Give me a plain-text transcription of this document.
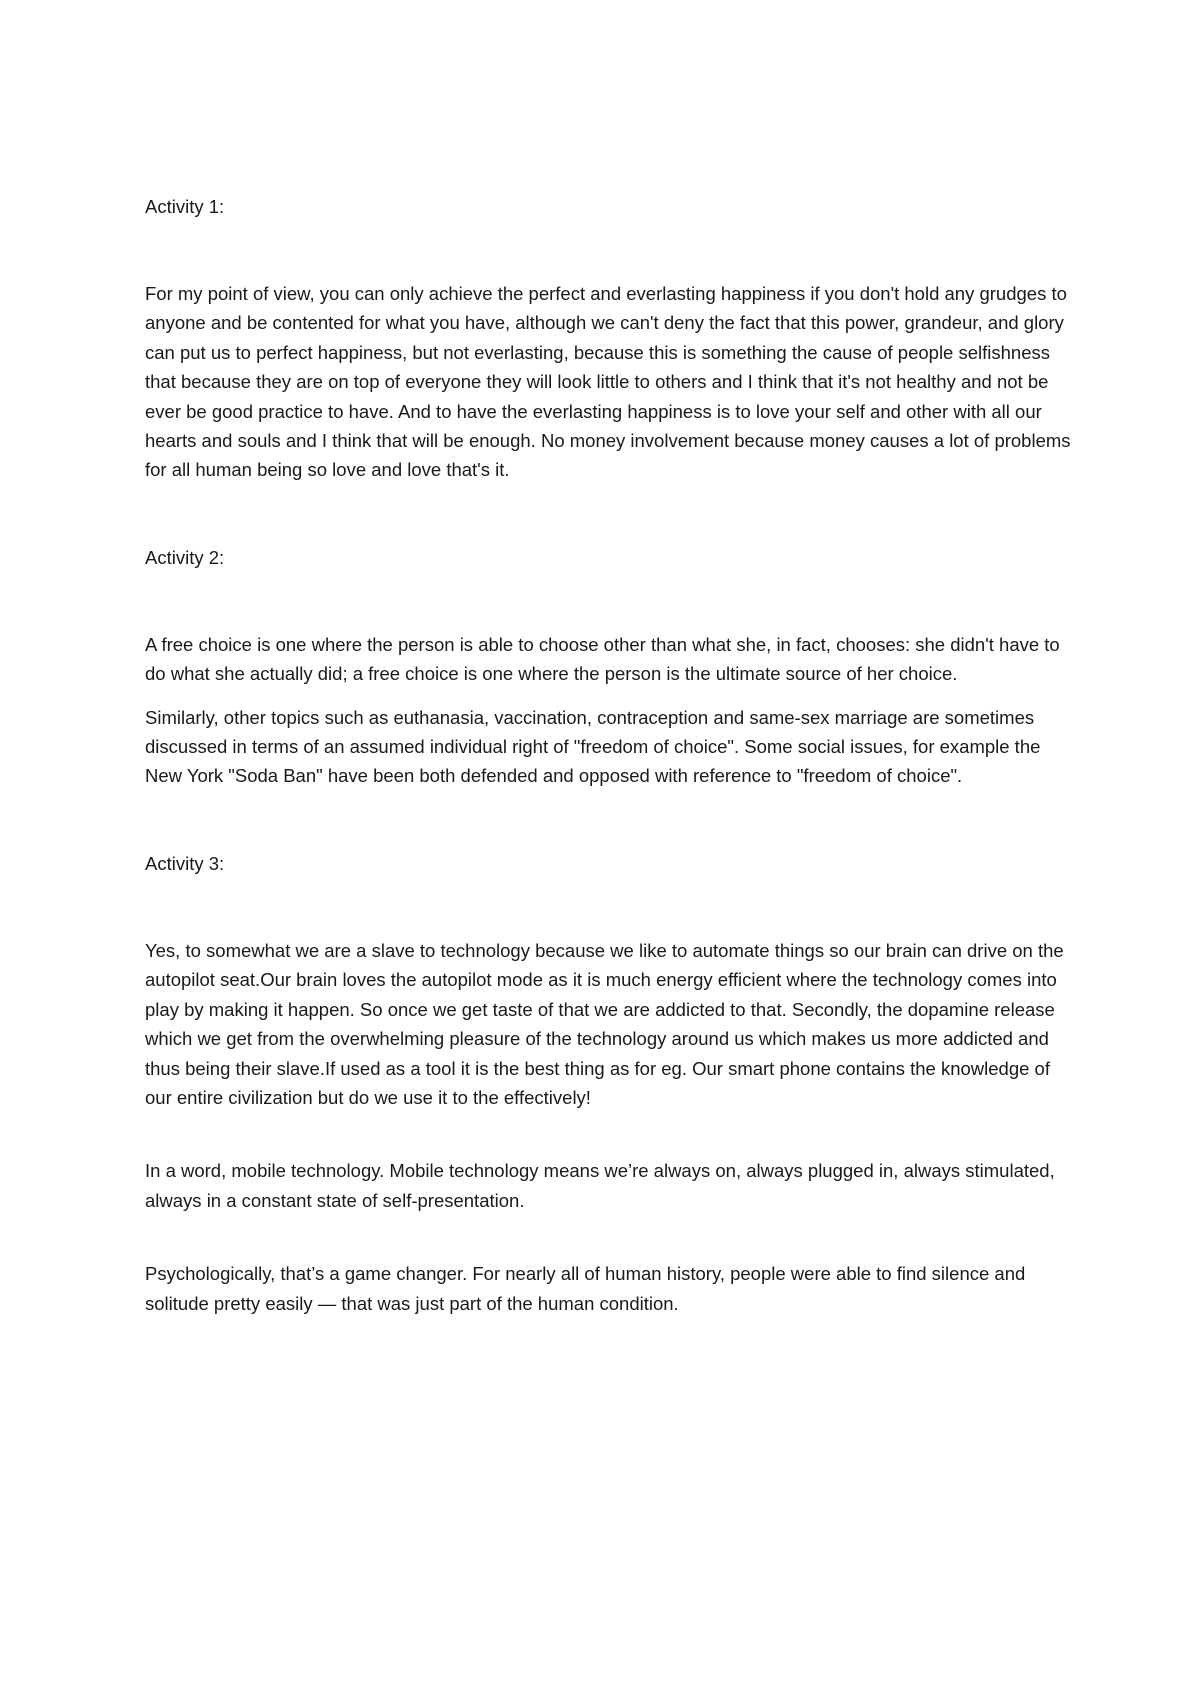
Activity 1:

For my point of view, you can only achieve the perfect and everlasting happiness if you don't hold any grudges to anyone and be contented for what you have, although we can't deny the fact that this power, grandeur, and glory can put us to perfect happiness, but not everlasting, because this is something the cause of people selfishness that because they are on top of everyone they will look little to others and I think that it's not healthy and not be ever be good practice to have. And to have the everlasting happiness is to love your self and other with all our hearts and souls and I think that will be enough. No money involvement because money causes a lot of problems for all human being so love and love that's it.

Activity 2:

A free choice is one where the person is able to choose other than what she, in fact, chooses: she didn't have to do what she actually did; a free choice is one where the person is the ultimate source of her choice.

Similarly, other topics such as euthanasia, vaccination, contraception and same-sex marriage are sometimes discussed in terms of an assumed individual right of "freedom of choice". Some social issues, for example the New York "Soda Ban" have been both defended and opposed with reference to "freedom of choice".

Activity 3:

Yes, to somewhat we are a slave to technology because we like to automate things so our brain can drive on the autopilot seat.Our brain loves the autopilot mode as it is much energy efficient where the technology comes into play by making it happen. So once we get taste of that we are addicted to that. Secondly, the dopamine release which we get from the overwhelming pleasure of the technology around us which makes us more addicted and thus being their slave.If used as a tool it is the best thing as for eg. Our smart phone contains the knowledge of our entire civilization but do we use it to the effectively!

In a word, mobile technology. Mobile technology means we’re always on, always plugged in, always stimulated, always in a constant state of self-presentation.

Psychologically, that’s a game changer. For nearly all of human history, people were able to find silence and solitude pretty easily — that was just part of the human condition.
